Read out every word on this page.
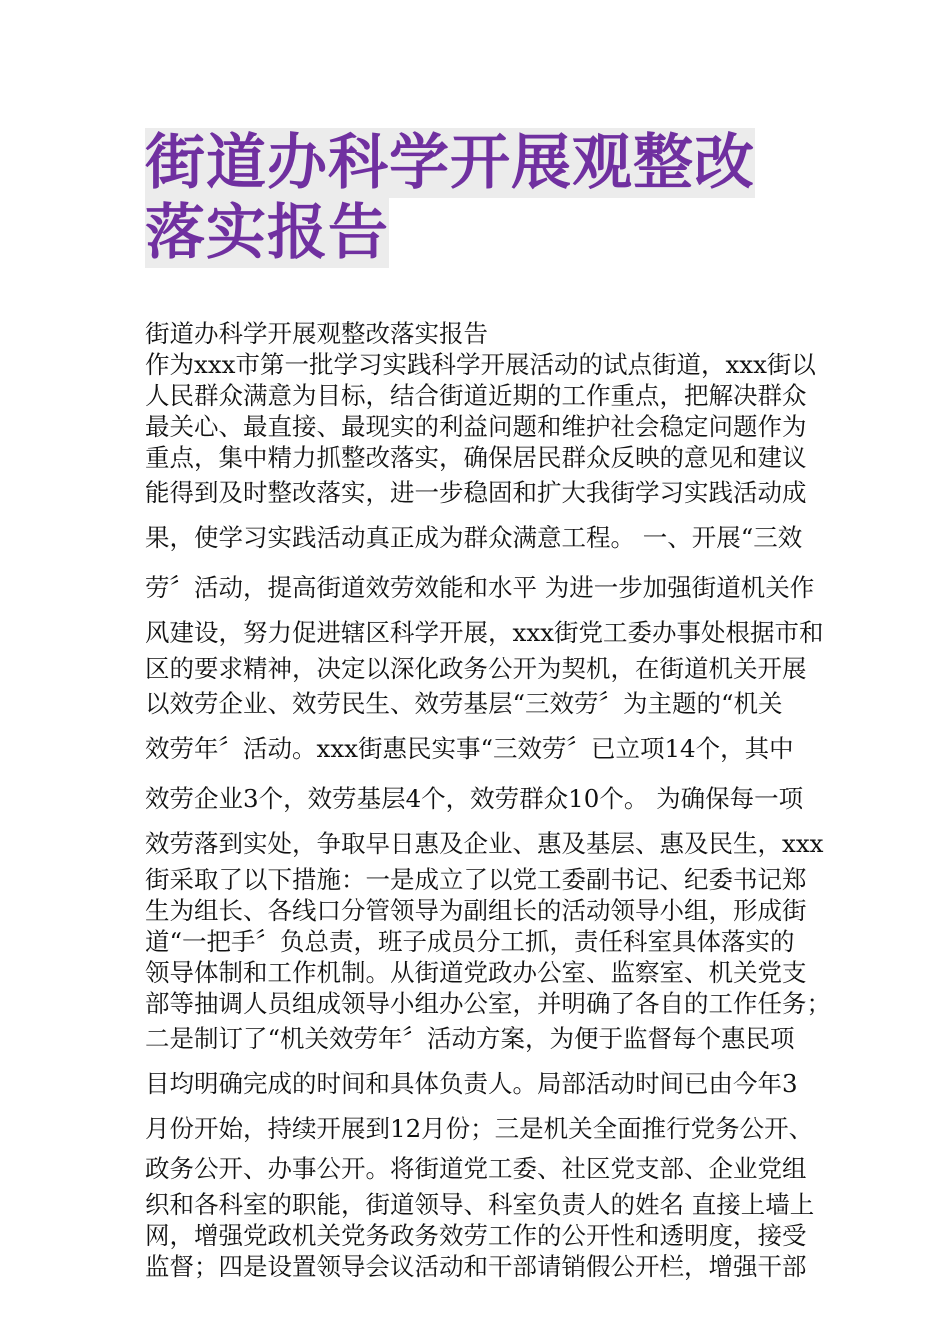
街道办科学开展观整改落实报告
街道办科学开展观整改落实报告
作为xxx市第一批学习实践科学开展活动的试点街道，xxx街以
人民群众满意为目标，结合街道近期的工作重点，把解决群众
最关心、最直接、最现实的利益问题和维护社会稳定问题作为
重点，集中精力抓整改落实，确保居民群众反映的意见和建议
能得到及时整改落实，进一步稳固和扩大我街学习实践活动成
果，使学习实践活动真正成为群众满意工程。 一、开展“三效
劳〞活动，提高街道效劳效能和水平 为进一步加强街道机关作
风建设，努力促进辖区科学开展，xxx街党工委办事处根据市和
区的要求精神，决定以深化政务公开为契机，在街道机关开展
以效劳企业、效劳民生、效劳基层“三效劳〞为主题的“机关
效劳年〞活动。xxx街惠民实事“三效劳〞已立项14个，其中
效劳企业3个，效劳基层4个，效劳群众10个。 为确保每一项
效劳落到实处，争取早日惠及企业、惠及基层、惠及民生，xxx
街采取了以下措施：一是成立了以党工委副书记、纪委书记郑
生为组长、各线口分管领导为副组长的活动领导小组，形成街
道“一把手〞负总责，班子成员分工抓，责任科室具体落实的
领导体制和工作机制。从街道党政办公室、监察室、机关党支
部等抽调人员组成领导小组办公室，并明确了各自的工作任务；
二是制订了“机关效劳年〞活动方案，为便于监督每个惠民项
目均明确完成的时间和具体负责人。局部活动时间已由今年3
月份开始，持续开展到12月份；三是机关全面推行党务公开、
政务公开、办事公开。将街道党工委、社区党支部、企业党组
织和各科室的职能，街道领导、科室负责人的姓名 直接上墙上
网，增强党政机关党务政务效劳工作的公开性和透明度，接受
监督；四是设置领导会议活动和干部请销假公开栏，增强干部
